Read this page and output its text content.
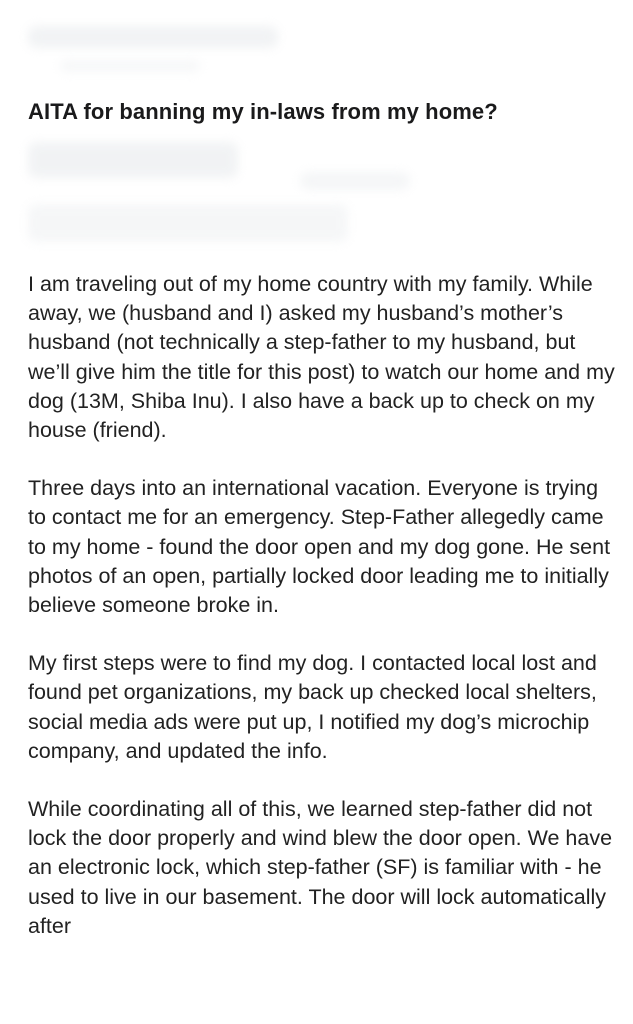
AITA for banning my in-laws from my home?

I am traveling out of my home country with my family. While away, we (husband and I) asked my husband’s mother’s husband (not technically a step-father to my husband, but we’ll give him the title for this post) to watch our home and my dog (13M, Shiba Inu). I also have a back up to check on my house (friend).

Three days into an international vacation. Everyone is trying to contact me for an emergency. Step-Father allegedly came to my home - found the door open and my dog gone. He sent photos of an open, partially locked door leading me to initially believe someone broke in.

My first steps were to find my dog. I contacted local lost and found pet organizations, my back up checked local shelters, social media ads were put up, I notified my dog’s microchip company, and updated the info.

While coordinating all of this, we learned step-father did not lock the door properly and wind blew the door open. We have an electronic lock, which step-father (SF) is familiar with - he used to live in our basement. The door will lock automatically after
